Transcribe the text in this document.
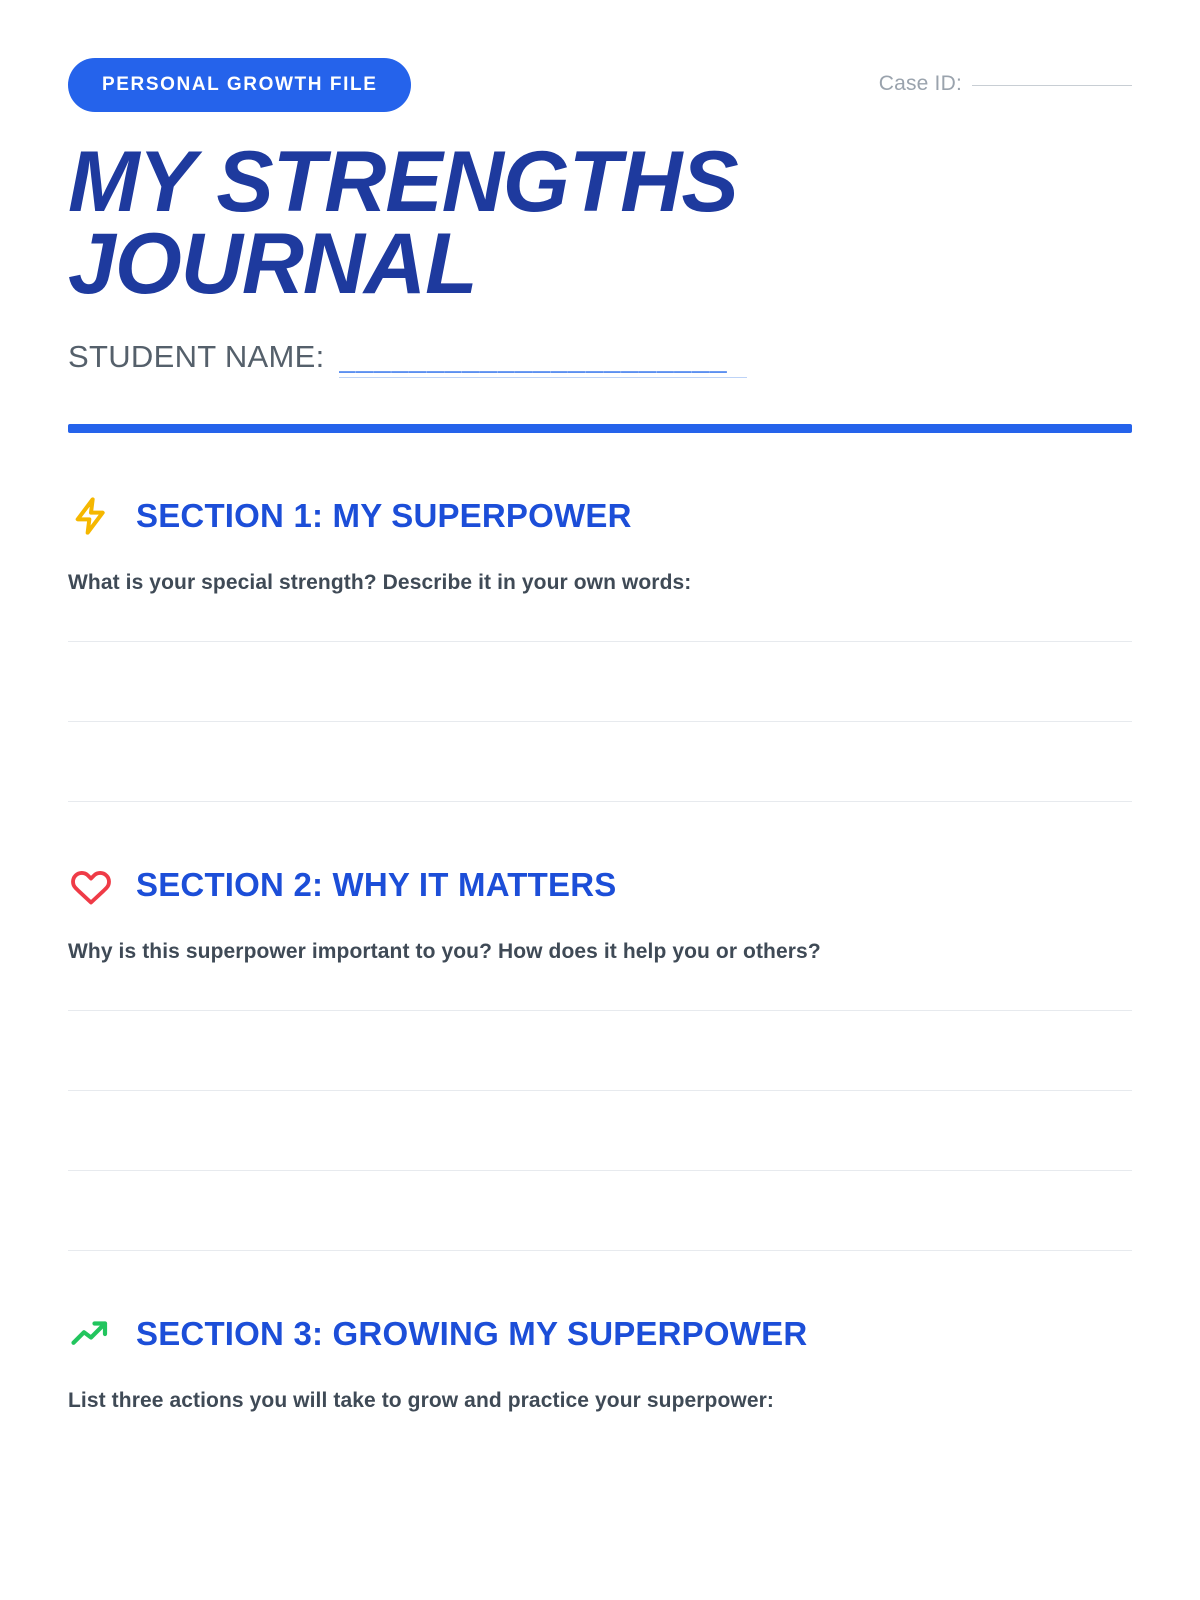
PERSONAL GROWTH FILE	Case ID:
MY STRENGTHS JOURNAL
STUDENT NAME: ______________________
SECTION 1: MY SUPERPOWER
What is your special strength? Describe it in your own words:
SECTION 2: WHY IT MATTERS
Why is this superpower important to you? How does it help you or others?
SECTION 3: GROWING MY SUPERPOWER
List three actions you will take to grow and practice your superpower:
